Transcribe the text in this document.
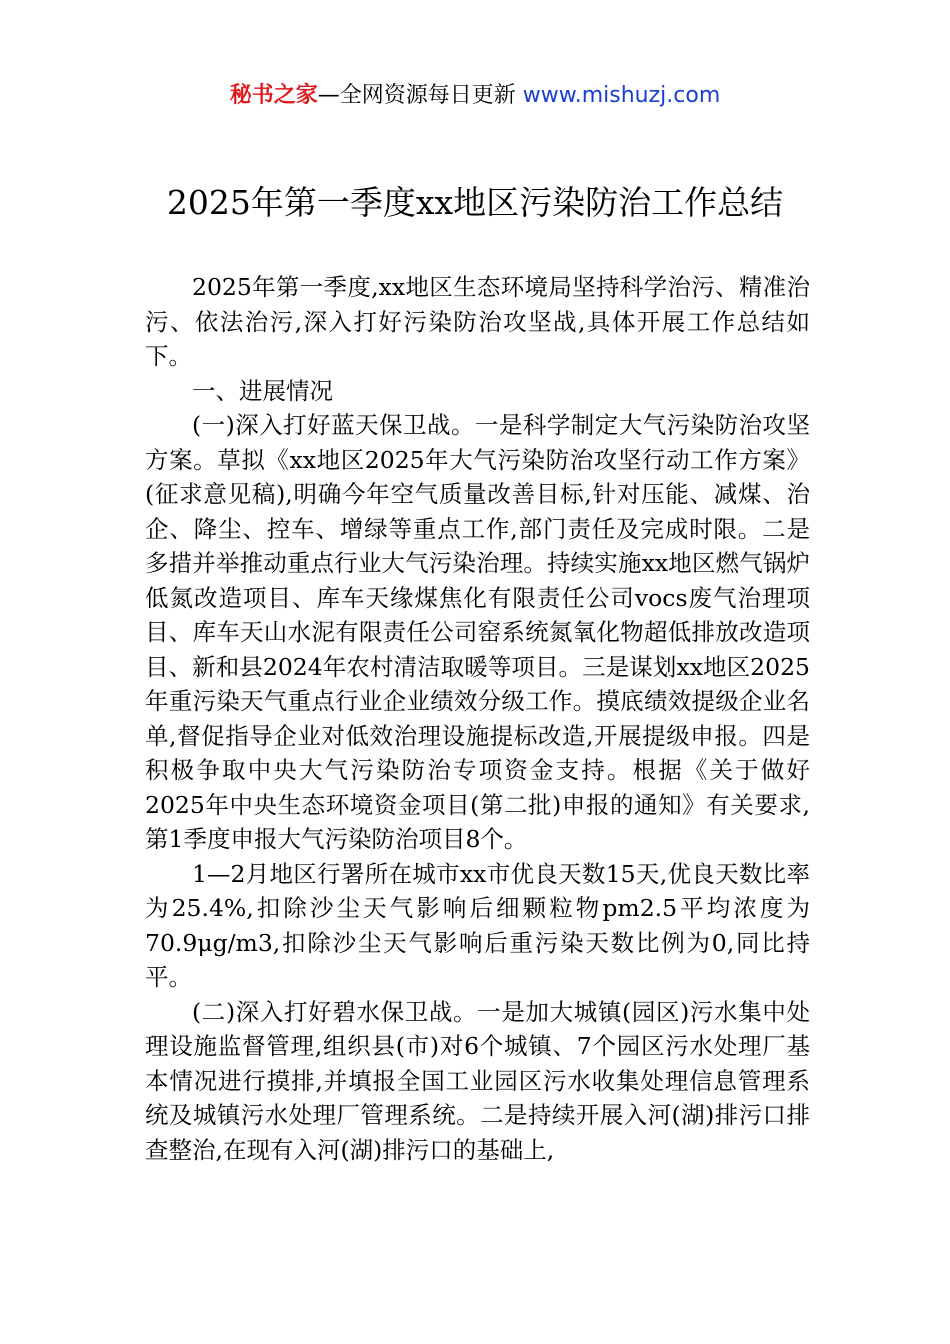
秘书之家—全网资源每日更新 www.mishuzj.com
2025年第一季度xx地区污染防治工作总结

2025年第一季度,xx地区生态环境局坚持科学治污、精准治污、依法治污,深入打好污染防治攻坚战,具体开展工作总结如下。

一、进展情况

(一)深入打好蓝天保卫战。一是科学制定大气污染防治攻坚方案。草拟《xx地区2025年大气污染防治攻坚行动工作方案》(征求意见稿),明确今年空气质量改善目标,针对压能、减煤、治企、降尘、控车、增绿等重点工作,部门责任及完成时限。二是多措并举推动重点行业大气污染治理。持续实施xx地区燃气锅炉低氮改造项目、库车天缘煤焦化有限责任公司vocs废气治理项目、库车天山水泥有限责任公司窑系统氮氧化物超低排放改造项目、新和县2024年农村清洁取暖等项目。三是谋划xx地区2025年重污染天气重点行业企业绩效分级工作。摸底绩效提级企业名单,督促指导企业对低效治理设施提标改造,开展提级申报。四是积极争取中央大气污染防治专项资金支持。根据《关于做好2025年中央生态环境资金项目(第二批)申报的通知》有关要求,第1季度申报大气污染防治项目8个。

1—2月地区行署所在城市xx市优良天数15天,优良天数比率为25.4%,扣除沙尘天气影响后细颗粒物pm2.5平均浓度为70.9μg/m3,扣除沙尘天气影响后重污染天数比例为0,同比持平。

(二)深入打好碧水保卫战。一是加大城镇(园区)污水集中处理设施监督管理,组织县(市)对6个城镇、7个园区污水处理厂基本情况进行摸排,并填报全国工业园区污水收集处理信息管理系统及城镇污水处理厂管理系统。二是持续开展入河(湖)排污口排查整治,在现有入河(湖)排污口的基础上,
